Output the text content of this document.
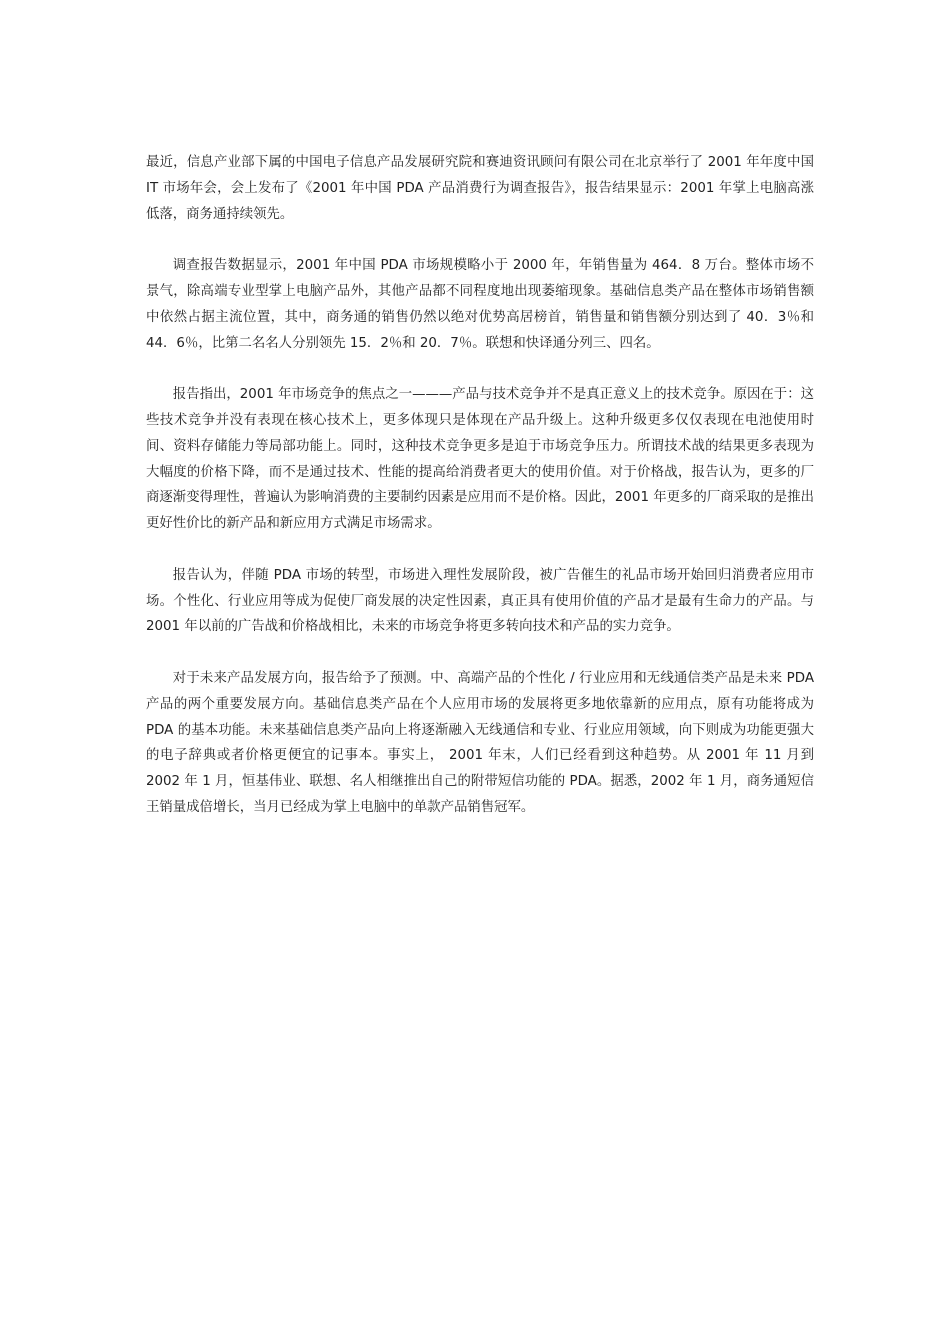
最近，信息产业部下属的中国电子信息产品发展研究院和赛迪资讯顾问有限公司在北京举行了 2001 年年度中国 IT 市场年会，会上发布了《2001 年中国 PDA 产品消费行为调查报告》，报告结果显示：2001 年掌上电脑高涨低落，商务通持续领先。

调查报告数据显示，2001 年中国 PDA 市场规模略小于 2000 年，年销售量为 464．8 万台。整体市场不景气，除高端专业型掌上电脑产品外，其他产品都不同程度地出现萎缩现象。基础信息类产品在整体市场销售额中依然占据主流位置，其中，商务通的销售仍然以绝对优势高居榜首，销售量和销售额分别达到了 40．3％和 44．6％，比第二名名人分别领先 15．2％和 20．7％。联想和快译通分列三、四名。

报告指出，2001 年市场竞争的焦点之一———产品与技术竞争并不是真正意义上的技术竞争。原因在于：这些技术竞争并没有表现在核心技术上，更多体现只是体现在产品升级上。这种升级更多仅仅表现在电池使用时间、资料存储能力等局部功能上。同时，这种技术竞争更多是迫于市场竞争压力。所谓技术战的结果更多表现为大幅度的价格下降，而不是通过技术、性能的提高给消费者更大的使用价值。对于价格战，报告认为，更多的厂商逐渐变得理性，普遍认为影响消费的主要制约因素是应用而不是价格。因此，2001 年更多的厂商采取的是推出更好性价比的新产品和新应用方式满足市场需求。

报告认为，伴随 PDA 市场的转型，市场进入理性发展阶段，被广告催生的礼品市场开始回归消费者应用市场。个性化、行业应用等成为促使厂商发展的决定性因素，真正具有使用价值的产品才是最有生命力的产品。与 2001 年以前的广告战和价格战相比，未来的市场竞争将更多转向技术和产品的实力竞争。

对于未来产品发展方向，报告给予了预测。中、高端产品的个性化 / 行业应用和无线通信类产品是未来 PDA 产品的两个重要发展方向。基础信息类产品在个人应用市场的发展将更多地依靠新的应用点，原有功能将成为 PDA 的基本功能。未来基础信息类产品向上将逐渐融入无线通信和专业、行业应用领域，向下则成为功能更强大的电子辞典或者价格更便宜的记事本。事实上， 2001 年末，人们已经看到这种趋势。从 2001 年 11 月到 2002 年 1 月，恒基伟业、联想、名人相继推出自己的附带短信功能的 PDA。据悉，2002 年 1 月，商务通短信王销量成倍增长，当月已经成为掌上电脑中的单款产品销售冠军。
